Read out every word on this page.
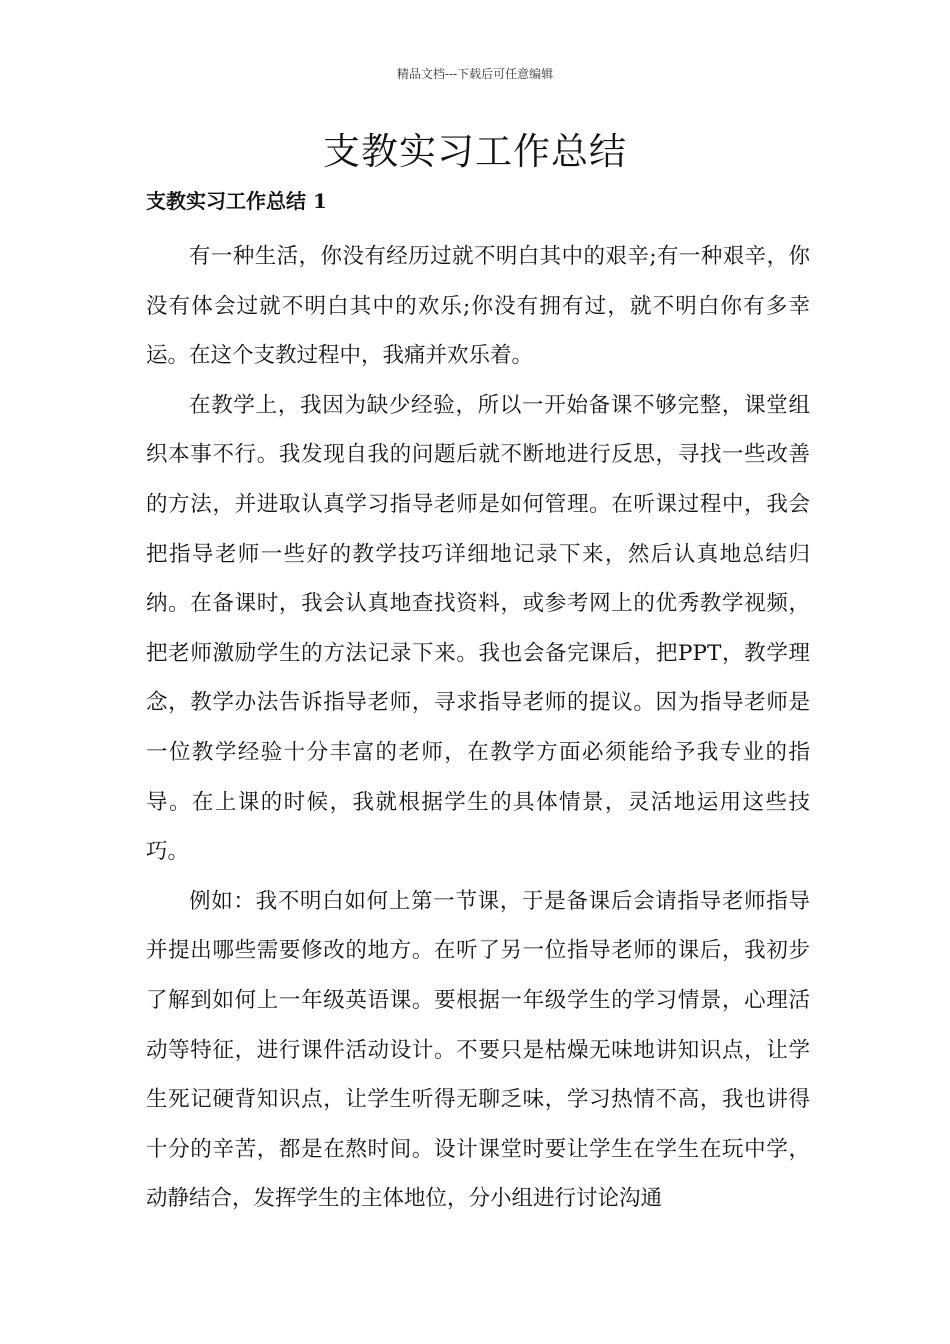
精品文档---下载后可任意编辑
支教实习工作总结
支教实习工作总结 1

有一种生活，你没有经历过就不明白其中的艰辛;有一种艰辛，你没有体会过就不明白其中的欢乐;你没有拥有过，就不明白你有多幸运。在这个支教过程中，我痛并欢乐着。

在教学上，我因为缺少经验，所以一开始备课不够完整，课堂组织本事不行。我发现自我的问题后就不断地进行反思，寻找一些改善的方法，并进取认真学习指导老师是如何管理。在听课过程中，我会把指导老师一些好的教学技巧详细地记录下来，然后认真地总结归纳。在备课时，我会认真地查找资料，或参考网上的优秀教学视频，把老师激励学生的方法记录下来。我也会备完课后，把PPT，教学理念，教学办法告诉指导老师，寻求指导老师的提议。因为指导老师是一位教学经验十分丰富的老师，在教学方面必须能给予我专业的指导。在上课的时候，我就根据学生的具体情景，灵活地运用这些技巧。

例如：我不明白如何上第一节课，于是备课后会请指导老师指导并提出哪些需要修改的地方。在听了另一位指导老师的课后，我初步了解到如何上一年级英语课。要根据一年级学生的学习情景，心理活动等特征，进行课件活动设计。不要只是枯燥无味地讲知识点，让学生死记硬背知识点，让学生听得无聊乏味，学习热情不高，我也讲得十分的辛苦，都是在熬时间。设计课堂时要让学生在学生在玩中学，动静结合，发挥学生的主体地位，分小组进行讨论沟通
